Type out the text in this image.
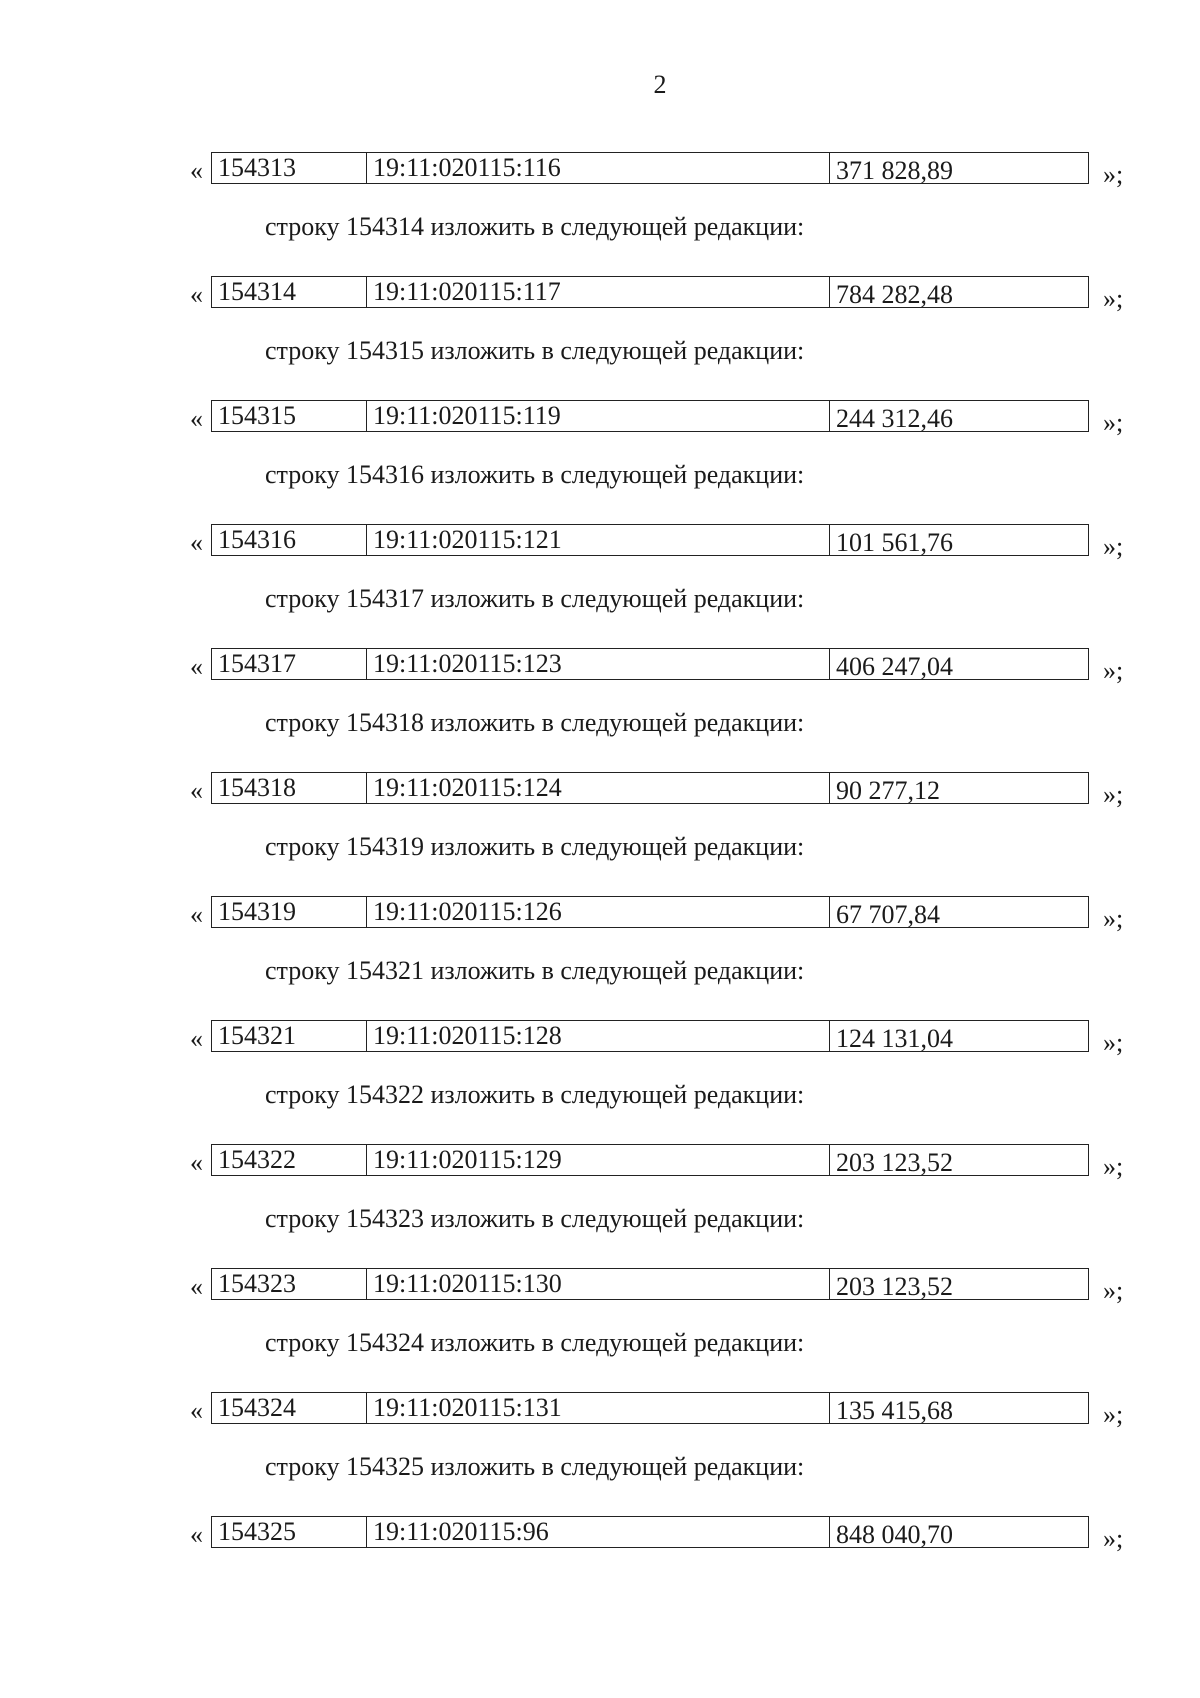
2
« 154313	19:11:020115:116	371 828,89	»;
строку 154314 изложить в следующей редакции:
« 154314	19:11:020115:117	784 282,48	»;
строку 154315 изложить в следующей редакции:
« 154315	19:11:020115:119	244 312,46	»;
строку 154316 изложить в следующей редакции:
« 154316	19:11:020115:121	101 561,76	»;
строку 154317 изложить в следующей редакции:
« 154317	19:11:020115:123	406 247,04	»;
строку 154318 изложить в следующей редакции:
« 154318	19:11:020115:124	90 277,12	»;
строку 154319 изложить в следующей редакции:
« 154319	19:11:020115:126	67 707,84	»;
строку 154321 изложить в следующей редакции:
« 154321	19:11:020115:128	124 131,04	»;
строку 154322 изложить в следующей редакции:
« 154322	19:11:020115:129	203 123,52	»;
строку 154323 изложить в следующей редакции:
« 154323	19:11:020115:130	203 123,52	»;
строку 154324 изложить в следующей редакции:
« 154324	19:11:020115:131	135 415,68	»;
строку 154325 изложить в следующей редакции:
« 154325	19:11:020115:96	848 040,70	»;
